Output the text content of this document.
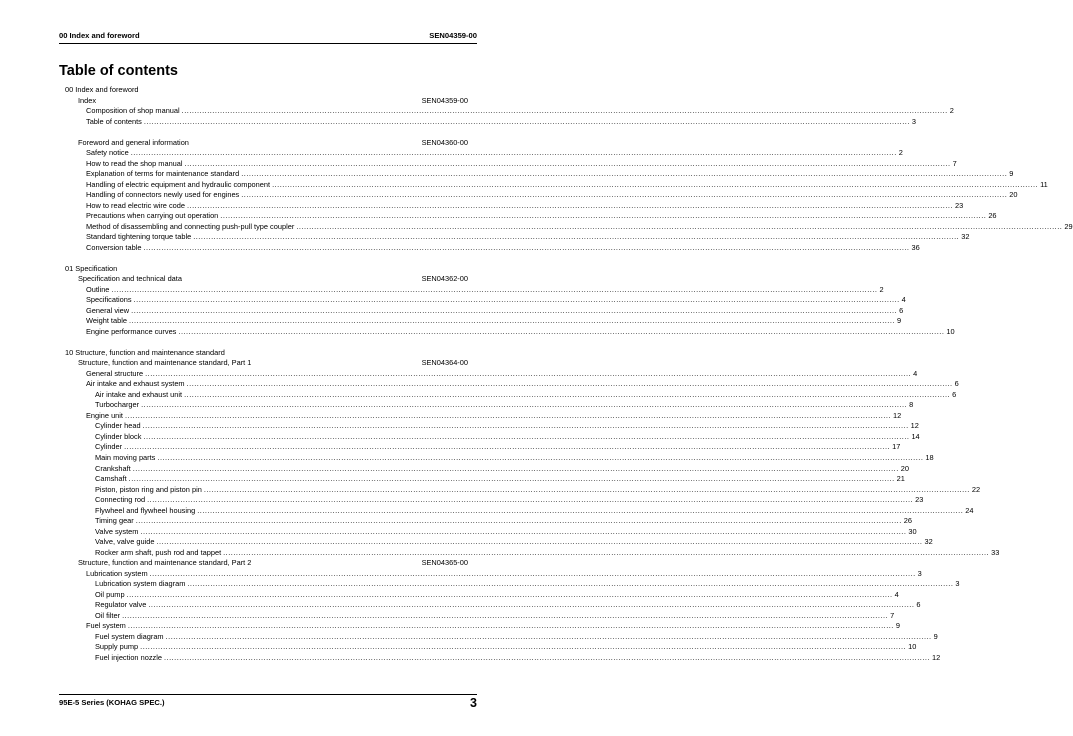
00 Index and foreword	SEN04359-00
Table of contents
00 Index and foreword
Index	SEN04359-00
Composition of shop manual ............................................................................................................................................................................................................................................................................................................ 2
Table of contents ............................................................................................................................................................................................................................................................................................................ 3
Foreword and general information	SEN04360-00
Safety notice ............................................................................................................................................................................................................................................................................................................ 2
How to read the shop manual ............................................................................................................................................................................................................................................................................................................ 7
Explanation of terms for maintenance standard ............................................................................................................................................................................................................................................................................................................ 9
Handling of electric equipment and hydraulic component ............................................................................................................................................................................................................................................................................................................ 11
Handling of connectors newly used for engines ............................................................................................................................................................................................................................................................................................................ 20
How to read electric wire code ............................................................................................................................................................................................................................................................................................................ 23
Precautions when carrying out operation ............................................................................................................................................................................................................................................................................................................ 26
Method of disassembling and connecting push-pull type coupler ............................................................................................................................................................................................................................................................................................................ 29
Standard tightening torque table ............................................................................................................................................................................................................................................................................................................ 32
Conversion table ............................................................................................................................................................................................................................................................................................................ 36
01 Specification
Specification and technical data	SEN04362-00
Outline ............................................................................................................................................................................................................................................................................................................ 2
Specifications ............................................................................................................................................................................................................................................................................................................ 4
General view ............................................................................................................................................................................................................................................................................................................ 6
Weight table ............................................................................................................................................................................................................................................................................................................ 9
Engine performance curves ............................................................................................................................................................................................................................................................................................................ 10
10 Structure, function and maintenance standard
Structure, function and maintenance standard, Part 1	SEN04364-00
General structure ............................................................................................................................................................................................................................................................................................................ 4
Air intake and exhaust system ............................................................................................................................................................................................................................................................................................................ 6
Air intake and exhaust unit ............................................................................................................................................................................................................................................................................................................ 6
Turbocharger ............................................................................................................................................................................................................................................................................................................ 8
Engine unit ............................................................................................................................................................................................................................................................................................................ 12
Cylinder head ............................................................................................................................................................................................................................................................................................................ 12
Cylinder block ............................................................................................................................................................................................................................................................................................................ 14
Cylinder ............................................................................................................................................................................................................................................................................................................ 17
Main moving parts ............................................................................................................................................................................................................................................................................................................ 18
Crankshaft ............................................................................................................................................................................................................................................................................................................ 20
Camshaft ............................................................................................................................................................................................................................................................................................................ 21
Piston, piston ring and piston pin ............................................................................................................................................................................................................................................................................................................ 22
Connecting rod ............................................................................................................................................................................................................................................................................................................ 23
Flywheel and flywheel housing ............................................................................................................................................................................................................................................................................................................ 24
Timing gear ............................................................................................................................................................................................................................................................................................................ 26
Valve system ............................................................................................................................................................................................................................................................................................................ 30
Valve, valve guide ............................................................................................................................................................................................................................................................................................................ 32
Rocker arm shaft, push rod and tappet ............................................................................................................................................................................................................................................................................................................ 33
Structure, function and maintenance standard, Part 2	SEN04365-00
Lubrication system ............................................................................................................................................................................................................................................................................................................ 3
Lubrication system diagram ............................................................................................................................................................................................................................................................................................................ 3
Oil pump ............................................................................................................................................................................................................................................................................................................ 4
Regulator valve ............................................................................................................................................................................................................................................................................................................ 6
Oil filter ............................................................................................................................................................................................................................................................................................................ 7
Fuel system ............................................................................................................................................................................................................................................................................................................ 9
Fuel system diagram ............................................................................................................................................................................................................................................................................................................ 9
Supply pump ............................................................................................................................................................................................................................................................................................................ 10
Fuel injection nozzle ............................................................................................................................................................................................................................................................................................................ 12
95E-5 Series (KOHAG SPEC.)	3
